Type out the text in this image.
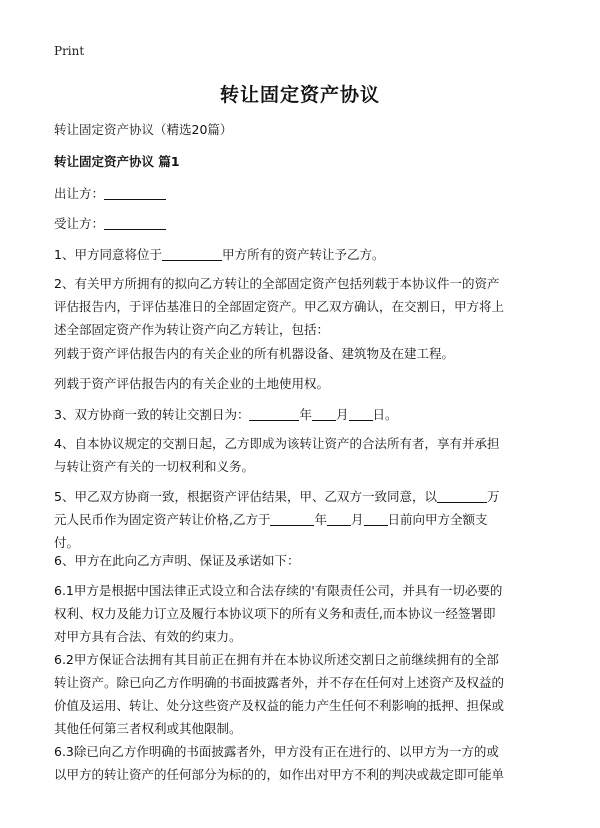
Print
转让固定资产协议

转让固定资产协议（精选20篇）

转让固定资产协议 篇1

出让方：

受让方：

1、甲方同意将位于	甲方所有的资产转让予乙方。

2、有关甲方所拥有的拟向乙方转让的全部固定资产包括列载于本协议件一的资产
评估报告内，于评估基准日的全部固定资产。甲乙双方确认，在交割日，甲方将上
述全部固定资产作为转让资产向乙方转让，包括：

列载于资产评估报告内的有关企业的所有机器设备、建筑物及在建工程。

列载于资产评估报告内的有关企业的土地使用权。

3、双方协商一致的转让交割日为：	年 月 日。

4、自本协议规定的交割日起，乙方即成为该转让资产的合法所有者，享有并承担
与转让资产有关的一切权利和义务。

5、甲乙双方协商一致，根据资产评估结果，甲、乙双方一致同意，以	万
元人民币作为固定资产转让价格,乙方于	年 月 日前向甲方全额支
付。

6、甲方在此向乙方声明、保证及承诺如下：

6.1甲方是根据中国法律正式设立和合法存续的'有限责任公司，并具有一切必要的
权利、权力及能力订立及履行本协议项下的所有义务和责任,而本协议一经签署即
对甲方具有合法、有效的约束力。

6.2甲方保证合法拥有其目前正在拥有并在本协议所述交割日之前继续拥有的全部
转让资产。除已向乙方作明确的书面披露者外，并不存在任何对上述资产及权益的
价值及运用、转让、处分这些资产及权益的能力产生任何不利影响的抵押、担保或
其他任何第三者权利或其他限制。

6.3除已向乙方作明确的书面披露者外，甲方没有正在进行的、以甲方为一方的或
以甲方的转让资产的任何部分为标的的，如作出对甲方不利的判决或裁定即可能单
